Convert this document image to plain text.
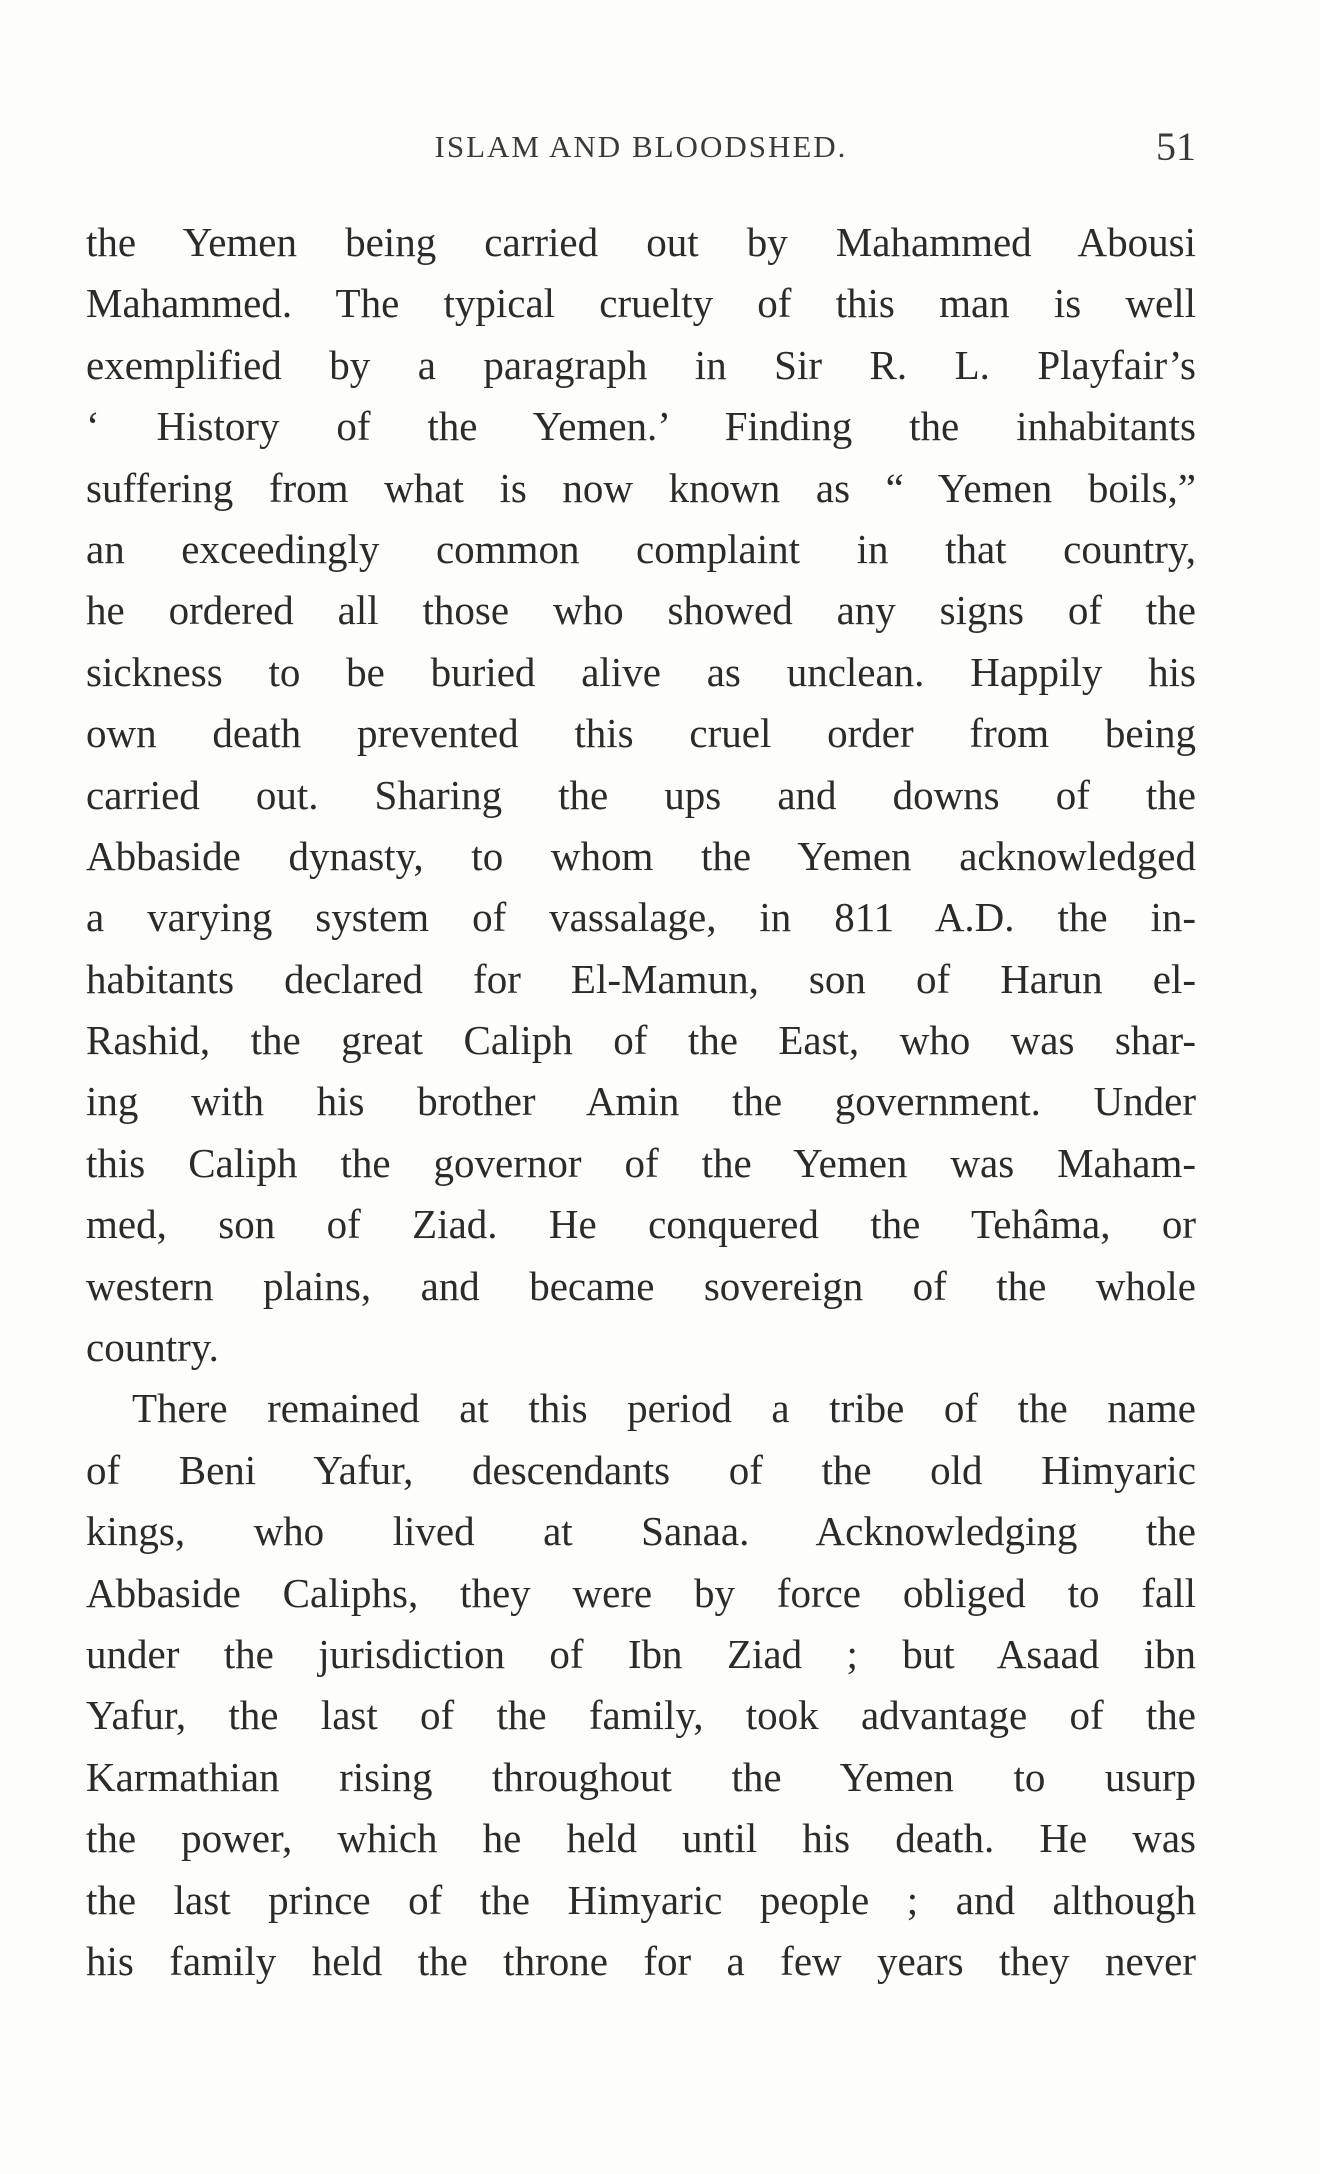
ISLAM AND BLOODSHED.	51
the Yemen being carried out by Mahammed Abousi
Mahammed. The typical cruelty of this man is well
exemplified by a paragraph in Sir R. L. Playfair’s
‘ History of the Yemen.’ Finding the inhabitants
suffering from what is now known as “ Yemen boils,”
an exceedingly common complaint in that country,
he ordered all those who showed any signs of the
sickness to be buried alive as unclean. Happily his
own death prevented this cruel order from being
carried out. Sharing the ups and downs of the
Abbaside dynasty, to whom the Yemen acknowledged
a varying system of vassalage, in 811 A.D. the in-
habitants declared for El-Mamun, son of Harun el-
Rashid, the great Caliph of the East, who was shar-
ing with his brother Amin the government. Under
this Caliph the governor of the Yemen was Maham-
med, son of Ziad. He conquered the Tehâma, or
western plains, and became sovereign of the whole
country.
There remained at this period a tribe of the name
of Beni Yafur, descendants of the old Himyaric
kings, who lived at Sanaa. Acknowledging the
Abbaside Caliphs, they were by force obliged to fall
under the jurisdiction of Ibn Ziad ; but Asaad ibn
Yafur, the last of the family, took advantage of the
Karmathian rising throughout the Yemen to usurp
the power, which he held until his death. He was
the last prince of the Himyaric people ; and although
his family held the throne for a few years they never
